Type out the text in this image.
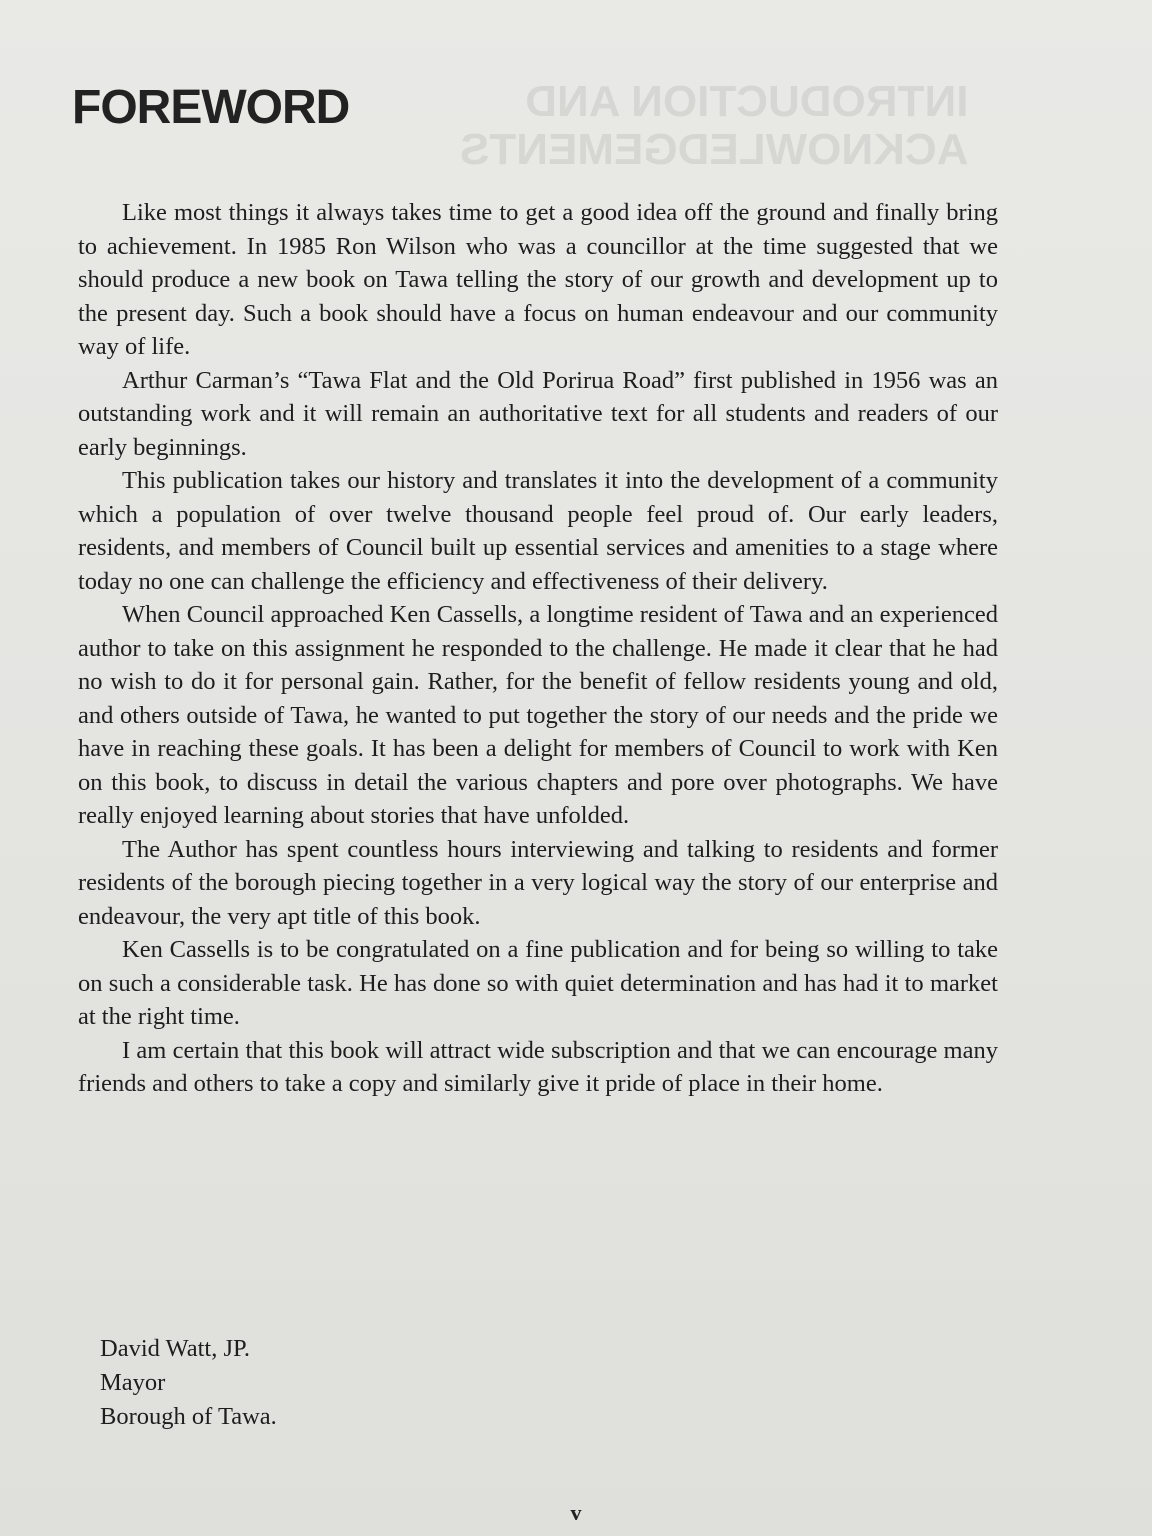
INTRODUCTION AND
ACKNOWLEDGEMENTS
FOREWORD

Like most things it always takes time to get a good idea off the ground and finally bring to achievement. In 1985 Ron Wilson who was a councillor at the time suggested that we should produce a new book on Tawa telling the story of our growth and development up to the present day. Such a book should have a focus on human endeavour and our community way of life.

Arthur Carman’s “Tawa Flat and the Old Porirua Road” first published in 1956 was an outstanding work and it will remain an authoritative text for all students and readers of our early beginnings.

This publication takes our history and translates it into the development of a community which a population of over twelve thousand people feel proud of. Our early leaders, residents, and members of Council built up essential services and amenities to a stage where today no one can challenge the efficiency and effectiveness of their delivery.

When Council approached Ken Cassells, a longtime resident of Tawa and an experienced author to take on this assignment he responded to the challenge. He made it clear that he had no wish to do it for personal gain. Rather, for the benefit of fellow residents young and old, and others outside of Tawa, he wanted to put together the story of our needs and the pride we have in reaching these goals. It has been a delight for members of Council to work with Ken on this book, to discuss in detail the various chapters and pore over photographs. We have really enjoyed learning about stories that have unfolded.

The Author has spent countless hours interviewing and talking to residents and former residents of the borough piecing together in a very logical way the story of our enterprise and endeavour, the very apt title of this book.

Ken Cassells is to be congratulated on a fine publication and for being so willing to take on such a considerable task. He has done so with quiet determination and has had it to market at the right time.

I am certain that this book will attract wide subscription and that we can encourage many friends and others to take a copy and similarly give it pride of place in their home.

David Watt, JP.
Mayor
Borough of Tawa.
v
